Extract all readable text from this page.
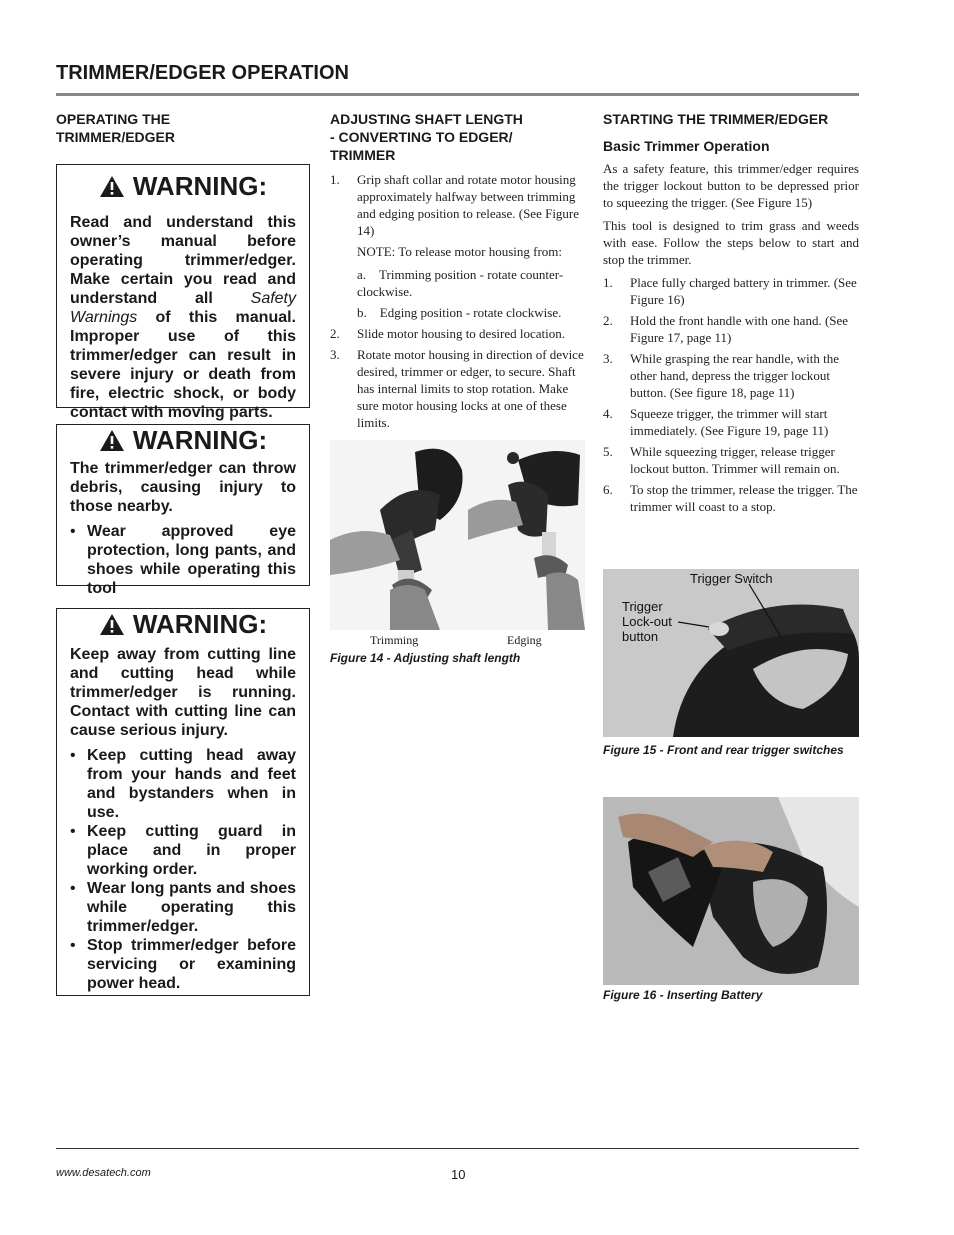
TRIMMER/EDGER OPERATION
OPERATING THE
TRIMMER/EDGER
WARNING:
Read and understand this owner’s manual before operating trimmer/edger. Make certain you read and understand all Safety Warnings of this manual. Improper use of this trimmer/edger can result in severe injury or death from fire, electric shock, or body contact with moving parts.
WARNING:
The trimmer/edger can throw debris, causing injury to those nearby.
• Wear approved eye protection, long pants, and shoes while operating this tool
WARNING:
Keep away from cutting line and cutting head while trimmer/edger is running. Contact with cutting line can cause serious injury.
• Keep cutting head away from your hands and feet and bystanders when in use.
• Keep cutting guard in place and in proper working order.
• Wear long pants and shoes while operating this trimmer/edger.
• Stop trimmer/edger before servicing or examining power head.
ADJUSTING SHAFT LENGTH
- CONVERTING TO EDGER/
TRIMMER
1. Grip shaft collar and rotate motor housing approximately halfway between trimming and edging position to release. (See Figure 14)
NOTE: To release motor housing from:
a. Trimming position - rotate counter-clockwise.
b. Edging position - rotate clockwise.
2. Slide motor housing to desired location.
3. Rotate motor housing in direction of device desired, trimmer or edger, to secure. Shaft has internal limits to stop rotation. Make sure motor housing locks at one of these limits.
Trimming	Edging
Figure 14 - Adjusting shaft length
STARTING THE TRIMMER/EDGER
Basic Trimmer Operation
As a safety feature, this trimmer/edger requires the trigger lockout button to be depressed prior to squeezing the trigger. (See Figure 15)
This tool is designed to trim grass and weeds with ease. Follow the steps below to start and stop the trimmer.
1. Place fully charged battery in trimmer. (See Figure 16)
2. Hold the front handle with one hand. (See Figure 17, page 11)
3. While grasping the rear handle, with the other hand, depress the trigger lockout button. (See figure 18, page 11)
4. Squeeze trigger, the trimmer will start immediately. (See Figure 19, page 11)
5. While squeezing trigger, release trigger lockout button. Trimmer will remain on.
6. To stop the trimmer, release the trigger. The trimmer will coast to a stop.
Trigger Switch
Trigger Lock-out button
Figure 15 - Front and rear trigger switches
Figure 16 - Inserting Battery
www.desatech.com	10
